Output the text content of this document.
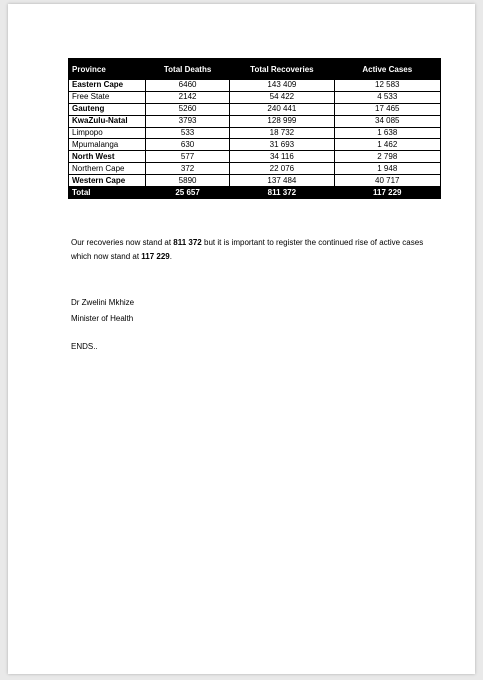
Province	Total Deaths	Total Recoveries	Active Cases
Eastern Cape	6460	143 409	12 583
Free State	2142	54 422	4 533
Gauteng	5260	240 441	17 465
KwaZulu-Natal	3793	128 999	34 085
Limpopo	533	18 732	1 638
Mpumalanga	630	31 693	1 462
North West	577	34 116	2 798
Northern Cape	372	22 076	1 948
Western Cape	5890	137 484	40 717
Total	25 657	811 372	117 229
Our recoveries now stand at 811 372 but it is important to register the continued rise of active cases which now stand at 117 229.
Dr Zwelini Mkhize
Minister of Health
ENDS..
